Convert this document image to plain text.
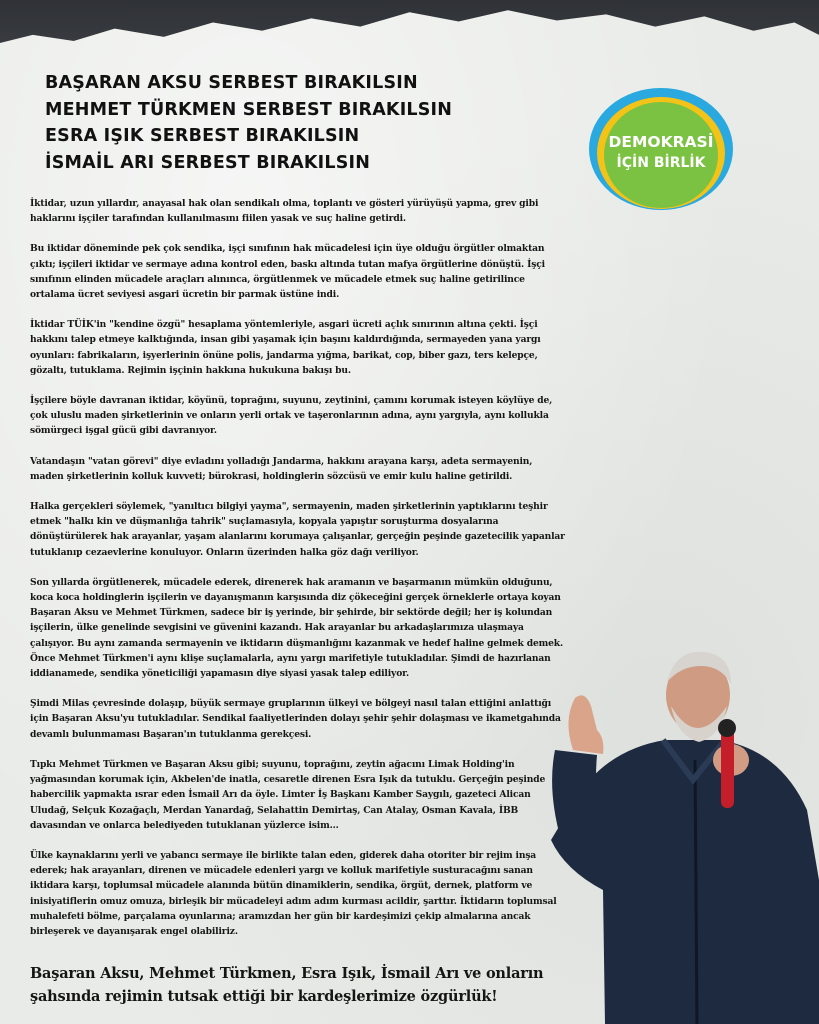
BAŞARAN AKSU SERBEST BIRAKILSIN
MEHMET TÜRKMEN SERBEST BIRAKILSIN
ESRA IŞIK SERBEST BIRAKILSIN
İSMAİL ARI SERBEST BIRAKILSIN
DEMOKRASİ
İÇİN BİRLİK

İktidar, uzun yıllardır, anayasal hak olan sendikalı olma, toplantı ve gösteri yürüyüşü yapma, grev gibi haklarını işçiler tarafından kullanılmasını fiilen yasak ve suç haline getirdi.

Bu iktidar döneminde pek çok sendika, işçi sınıfının hak mücadelesi için üye olduğu örgütler olmaktan çıktı; işçileri iktidar ve sermaye adına kontrol eden, baskı altında tutan mafya örgütlerine dönüştü. İşçi sınıfının elinden mücadele araçları alınınca, örgütlenmek ve mücadele etmek suç haline getirilince ortalama ücret seviyesi asgari ücretin bir parmak üstüne indi.

İktidar TÜİK'in "kendine özgü" hesaplama yöntemleriyle, asgari ücreti açlık sınırının altına çekti. İşçi hakkını talep etmeye kalktığında, insan gibi yaşamak için başını kaldırdığında, sermayeden yana yargı oyunları: fabrikaların, işyerlerinin önüne polis, jandarma yığma, barikat, cop, biber gazı, ters kelepçe, gözaltı, tutuklama. Rejimin işçinin hakkına hukukuna bakışı bu.

İşçilere böyle davranan iktidar, köyünü, toprağını, suyunu, zeytinini, çamını korumak isteyen köylüye de, çok uluslu maden şirketlerinin ve onların yerli ortak ve taşeronlarının adına, aynı yargıyla, aynı kollukla sömürgeci işgal gücü gibi davranıyor.

Vatandaşın "vatan görevi" diye evladını yolladığı Jandarma, hakkını arayana karşı, adeta sermayenin, maden şirketlerinin kolluk kuvveti; bürokrasi, holdinglerin sözcüsü ve emir kulu haline getirildi.

Halka gerçekleri söylemek, "yanıltıcı bilgiyi yayma", sermayenin, maden şirketlerinin yaptıklarını teşhir etmek "halkı kin ve düşmanlığa tahrik" suçlamasıyla, kopyala yapıştır soruşturma dosyalarına dönüştürülerek hak arayanlar, yaşam alanlarını korumaya çalışanlar, gerçeğin peşinde gazetecilik yapanlar tutuklanıp cezaevlerine konuluyor. Onların üzerinden halka göz dağı veriliyor.

Son yıllarda örgütlenerek, mücadele ederek, direnerek hak aramanın ve başarmanın mümkün olduğunu, koca koca holdinglerin işçilerin ve dayanışmanın karşısında diz çökeceğini gerçek örneklerle ortaya koyan Başaran Aksu ve Mehmet Türkmen, sadece bir iş yerinde, bir şehirde, bir sektörde değil; her iş kolundan işçilerin, ülke genelinde sevgisini ve güvenini kazandı. Hak arayanlar bu arkadaşlarımıza ulaşmaya çalışıyor. Bu aynı zamanda sermayenin ve iktidarın düşmanlığını kazanmak ve hedef haline gelmek demek. Önce Mehmet Türkmen'i aynı klişe suçlamalarla, aynı yargı marifetiyle tutukladılar. Şimdi de hazırlanan iddianamede, sendika yöneticiliği yapamasın diye siyasi yasak talep ediliyor.

Şimdi Milas çevresinde dolaşıp, büyük sermaye gruplarının ülkeyi ve bölgeyi nasıl talan ettiğini anlattığı için Başaran Aksu'yu tutukladılar. Sendikal faaliyetlerinden dolayı şehir şehir dolaşması ve ikametgahında devamlı bulunmaması Başaran'ın tutuklanma gerekçesi.

Tıpkı Mehmet Türkmen ve Başaran Aksu gibi; suyunu, toprağını, zeytin ağacını Limak Holding'in yağmasından korumak için, Akbelen'de inatla, cesaretle direnen Esra Işık da tutuklu. Gerçeğin peşinde habercilik yapmakta ısrar eden İsmail Arı da öyle. Limter İş Başkanı Kamber Saygılı, gazeteci Alican Uludağ, Selçuk Kozağaçlı, Merdan Yanardağ, Selahattin Demirtaş, Can Atalay, Osman Kavala, İBB davasından ve onlarca belediyeden tutuklanan yüzlerce isim...

Ülke kaynaklarını yerli ve yabancı sermaye ile birlikte talan eden, giderek daha otoriter bir rejim inşa ederek; hak arayanları, direnen ve mücadele edenleri yargı ve kolluk marifetiyle susturacağını sanan iktidara karşı, toplumsal mücadele alanında bütün dinamiklerin, sendika, örgüt, dernek, platform ve inisiyatiflerin omuz omuza, birleşik bir mücadeleyi adım adım kurması acildir, şarttır. İktidarın toplumsal muhalefeti bölme, parçalama oyunlarına; aramızdan her gün bir kardeşimizi çekip almalarına ancak birleşerek ve dayanışarak engel olabiliriz.

Başaran Aksu, Mehmet Türkmen, Esra Işık, İsmail Arı ve onların şahsında rejimin tutsak ettiği bir kardeşlerimize özgürlük!
